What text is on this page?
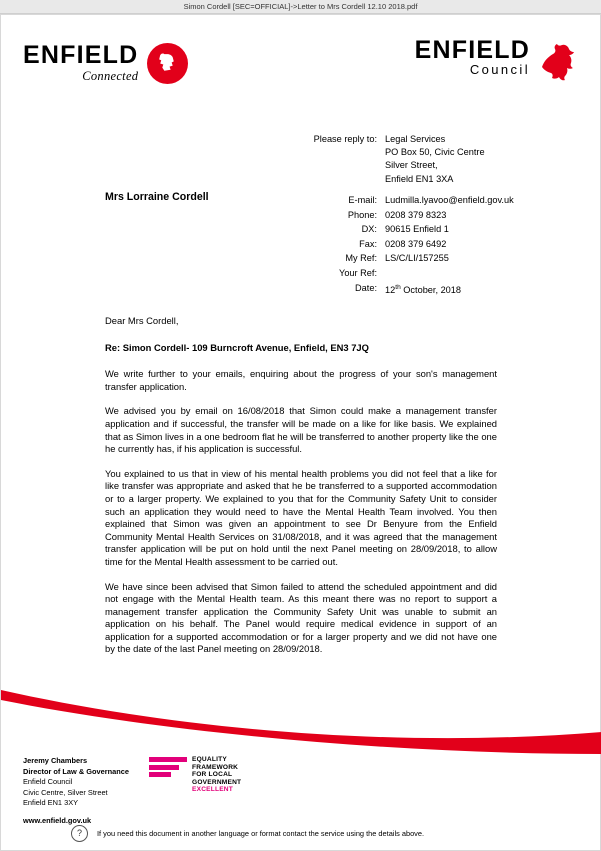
Simon Cordell [SEC=OFFICIAL]->Letter to Mrs Cordell 12.10 2018.pdf
ENFIELD
Connected
ENFIELD
Council
Please reply to: Legal Services
PO Box 50, Civic Centre
Silver Street,
Enfield EN1 3XA
Mrs Lorraine Cordell	E-mail:	Ludmilla.lyavoo@enfield.gov.uk
Phone:	0208 379 8323
DX:	90615 Enfield 1
Fax:	0208 379 6492
My Ref:	LS/C/LI/157255
Your Ref:	
Date:	12th October, 2018

Dear Mrs Cordell,

Re: Simon Cordell- 109 Burncroft Avenue, Enfield, EN3 7JQ

We write further to your emails, enquiring about the progress of your son's management transfer application.

We advised you by email on 16/08/2018 that Simon could make a management transfer application and if successful, the transfer will be made on a like for like basis. We explained that as Simon lives in a one bedroom flat he will be transferred to another property like the one he currently has, if his application is successful.

You explained to us that in view of his mental health problems you did not feel that a like for like transfer was appropriate and asked that he be transferred to a supported accommodation or to a larger property. We explained to you that for the Community Safety Unit to consider such an application they would need to have the Mental Health Team involved. You then explained that Simon was given an appointment to see Dr Benyure from the Enfield Community Mental Health Services on 31/08/2018, and it was agreed that the management transfer application will be put on hold until the next Panel meeting on 28/09/2018, to allow time for the Mental Health assessment to be carried out.

We have since been advised that Simon failed to attend the scheduled appointment and did not engage with the Mental Health team. As this meant there was no report to support a management transfer application the Community Safety Unit was unable to submit an application on his behalf. The Panel would require medical evidence in support of an application for a supported accommodation or for a larger property and we did not have one by the date of the last Panel meeting on 28/09/2018.

Jeremy Chambers
Director of Law & Governance
Enfield Council
Civic Centre, Silver Street
Enfield EN1 3XY
www.enfield.gov.uk
EQUALITY
FRAMEWORK
FOR LOCAL
GOVERNMENT
EXCELLENT
?	If you need this document in another language or format contact the service using the details above.
